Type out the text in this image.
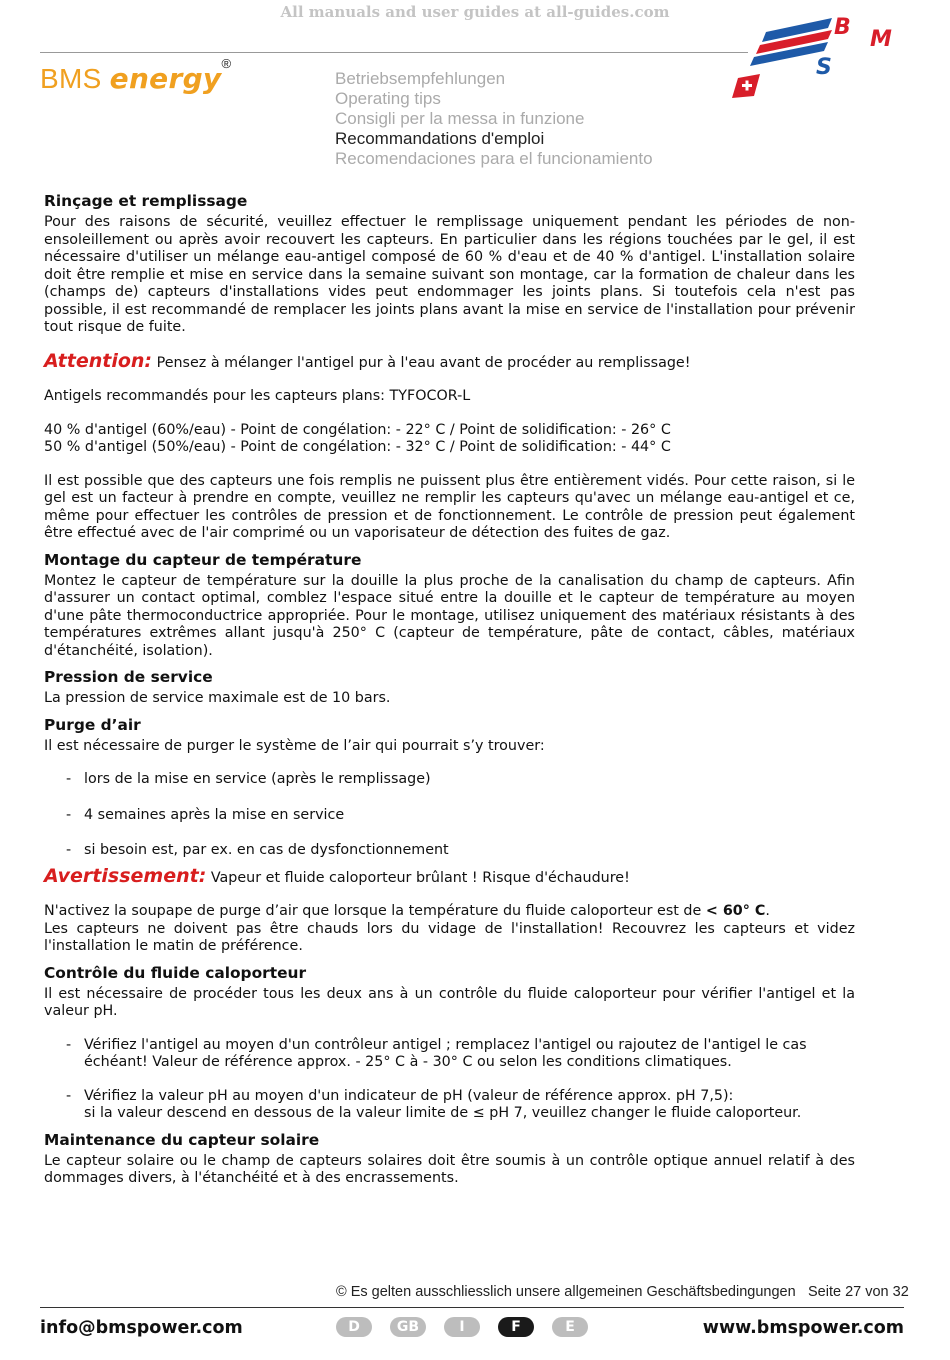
All manuals and user guides at all-guides.com
BMS energy®
Betriebsempfehlungen
Operating tips
Consigli per la messa in funzione
Recommandations d'emploi
Recomendaciones para el funcionamiento
B M
S
Rinçage et remplissage

Pour des raisons de sécurité, veuillez effectuer le remplissage uniquement pendant les périodes de non-ensoleillement ou après avoir recouvert les capteurs. En particulier dans les régions touchées par le gel, il est nécessaire d'utiliser un mélange eau-antigel composé de 60 % d'eau et de 40 % d'antigel. L'installation solaire doit être remplie et mise en service dans la semaine suivant son montage, car la formation de chaleur dans les (champs de) capteurs d'installations vides peut endommager les joints plans. Si toutefois cela n'est pas possible, il est recommandé de remplacer les joints plans avant la mise en service de l'installation pour prévenir tout risque de fuite.

Attention: Pensez à mélanger l'antigel pur à l'eau avant de procéder au remplissage!

Antigels recommandés pour les capteurs plans: TYFOCOR-L

40 % d'antigel (60%/eau) - Point de congélation: - 22° C / Point de solidification: - 26° C

50 % d'antigel (50%/eau) - Point de congélation: - 32° C / Point de solidification: - 44° C

Il est possible que des capteurs une fois remplis ne puissent plus être entièrement vidés. Pour cette raison, si le gel est un facteur à prendre en compte, veuillez ne remplir les capteurs qu'avec un mélange eau-antigel et ce, même pour effectuer les contrôles de pression et de fonctionnement. Le contrôle de pression peut également être effectué avec de l'air comprimé ou un vaporisateur de détection des fuites de gaz.

Montage du capteur de température

Montez le capteur de température sur la douille la plus proche de la canalisation du champ de capteurs. Afin d'assurer un contact optimal, comblez l'espace situé entre la douille et le capteur de température au moyen d'une pâte thermoconductrice appropriée. Pour le montage, utilisez uniquement des matériaux résistants à des températures extrêmes allant jusqu'à 250° C (capteur de température, pâte de contact, câbles, matériaux d'étanchéité, isolation).

Pression de service

La pression de service maximale est de 10 bars.

Purge d’air

Il est nécessaire de purger le système de l’air qui pourrait s’y trouver:

- lors de la mise en service (après le remplissage)
- 4 semaines après la mise en service
- si besoin est, par ex. en cas de dysfonctionnement

Avertissement: Vapeur et fluide caloporteur brûlant ! Risque d'échaudure!

N'activez la soupape de purge d’air que lorsque la température du fluide caloporteur est de < 60° C.

Les capteurs ne doivent pas être chauds lors du vidage de l'installation! Recouvrez les capteurs et videz l'installation le matin de préférence.

Contrôle du fluide caloporteur

Il est nécessaire de procéder tous les deux ans à un contrôle du fluide caloporteur pour vérifier l'antigel et la valeur pH.

- Vérifiez l'antigel au moyen d'un contrôleur antigel ; remplacez l'antigel ou rajoutez de l'antigel le cas échéant! Valeur de référence approx. - 25° C à - 30° C ou selon les conditions climatiques.
- Vérifiez la valeur pH au moyen d'un indicateur de pH (valeur de référence approx. pH 7,5):
si la valeur descend en dessous de la valeur limite de ≤ pH 7, veuillez changer le fluide caloporteur.
Maintenance du capteur solaire

Le capteur solaire ou le champ de capteurs solaires doit être soumis à un contrôle optique annuel relatif à des dommages divers, à l'étanchéité et à des encrassements.

© Es gelten ausschliesslich unsere allgemeinen Geschäftsbedingungen Seite 27 von 32
info@bmspower.com	D	GB	I	F	E	www.bmspower.com
